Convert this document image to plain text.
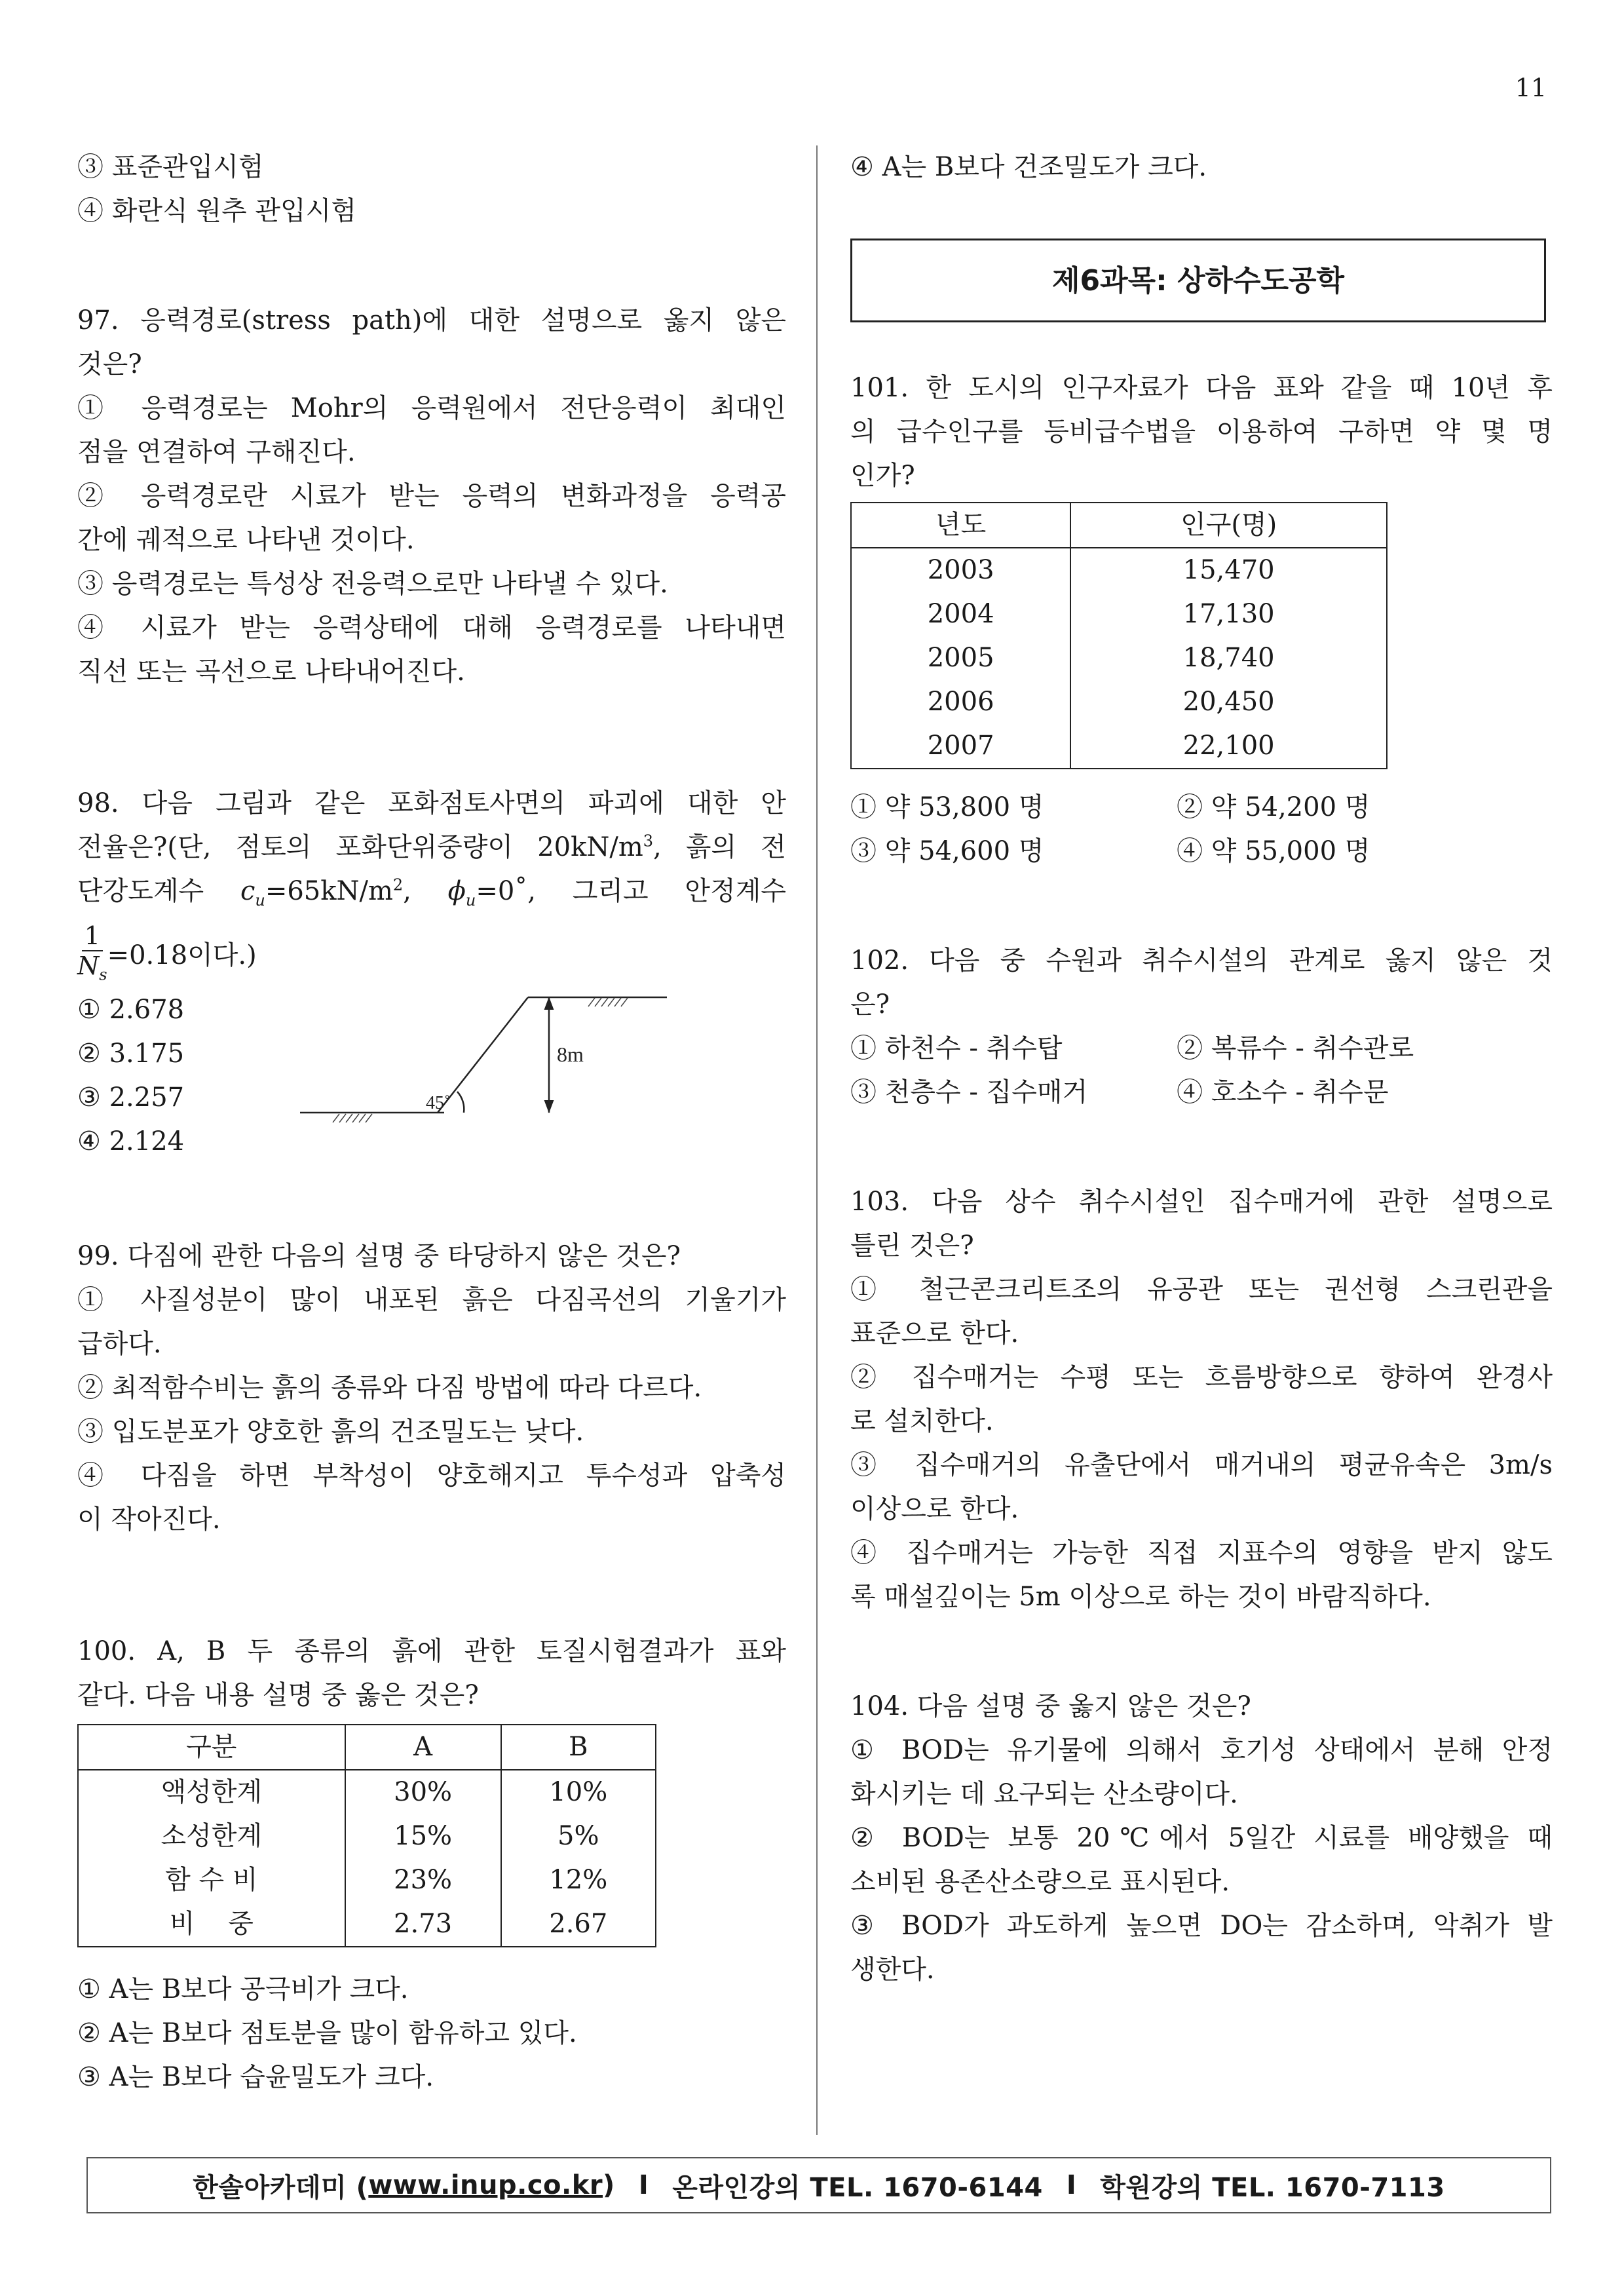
11
③ 표준관입시험
④ 화란식 원추 관입시험
97. 응력경로(stress path)에 대한 설명으로 옳지 않은
것은?
① 응력경로는 Mohr의 응력원에서 전단응력이 최대인
점을 연결하여 구해진다.
② 응력경로란 시료가 받는 응력의 변화과정을 응력공
간에 궤적으로 나타낸 것이다.
③ 응력경로는 특성상 전응력으로만 나타낼 수 있다.
④ 시료가 받는 응력상태에 대해 응력경로를 나타내면
직선 또는 곡선으로 나타내어진다.
98. 다음 그림과 같은 포화점토사면의 파괴에 대한 안
전율은?(단, 점토의 포화단위중량이 $20kN/m^3$, 흙의 전
단강도계수 $c_u=65kN/m^2$, $\phi_u=0˚$, 그리고 안정계수
$\frac{1}{N_s} =0.18$이다.)
① 2.678
② 3.175
③ 2.257
④ 2.124
8m
45˚
99. 다짐에 관한 다음의 설명 중 타당하지 않은 것은?
① 사질성분이 많이 내포된 흙은 다짐곡선의 기울기가
급하다.
② 최적함수비는 흙의 종류와 다짐 방법에 따라 다르다.
③ 입도분포가 양호한 흙의 건조밀도는 낮다.
④ 다짐을 하면 부착성이 양호해지고 투수성과 압축성
이 작아진다.
100. A, B 두 종류의 흙에 관한 토질시험결과가 표와
같다. 다음 내용 설명 중 옳은 것은?
구분	A	B
액성한계	30%	10%
소성한계	15%	5%
함 수 비	23%	12%
비    중	2.73	2.67
① A는 B보다 공극비가 크다.
② A는 B보다 점토분을 많이 함유하고 있다.
③ A는 B보다 습윤밀도가 크다.
④ A는 B보다 건조밀도가 크다.
제6과목: 상하수도공학
101. 한 도시의 인구자료가 다음 표와 같을 때 10년 후
의 급수인구를 등비급수법을 이용하여 구하면 약 몇 명
인가?
년도	인구(명)
2003	15,470
2004	17,130
2005	18,740
2006	20,450
2007	22,100
① 약 53,800 명	② 약 54,200 명
③ 약 54,600 명	④ 약 55,000 명
102. 다음 중 수원과 취수시설의 관계로 옳지 않은 것
은?
① 하천수 - 취수탑	② 복류수 - 취수관로
③ 천층수 - 집수매거	④ 호소수 - 취수문
103. 다음 상수 취수시설인 집수매거에 관한 설명으로
틀린 것은?
① 철근콘크리트조의 유공관 또는 권선형 스크린관을
표준으로 한다.
② 집수매거는 수평 또는 흐름방향으로 향하여 완경사
로 설치한다.
③ 집수매거의 유출단에서 매거내의 평균유속은 3m/s
이상으로 한다.
④ 집수매거는 가능한 직접 지표수의 영향을 받지 않도
록 매설깊이는 5m 이상으로 하는 것이 바람직하다.
104. 다음 설명 중 옳지 않은 것은?
① BOD는 유기물에 의해서 호기성 상태에서 분해 안정
화시키는 데 요구되는 산소량이다.
② BOD는 보통 20℃에서 5일간 시료를 배양했을 때
소비된 용존산소량으로 표시된다.
③ BOD가 과도하게 높으면 DO는 감소하며, 악취가 발
생한다.
한솔아카데미 ( www.inup.co.kr ) I 온라인강의 TEL. 1670-6144 I 학원강의 TEL. 1670-7113
